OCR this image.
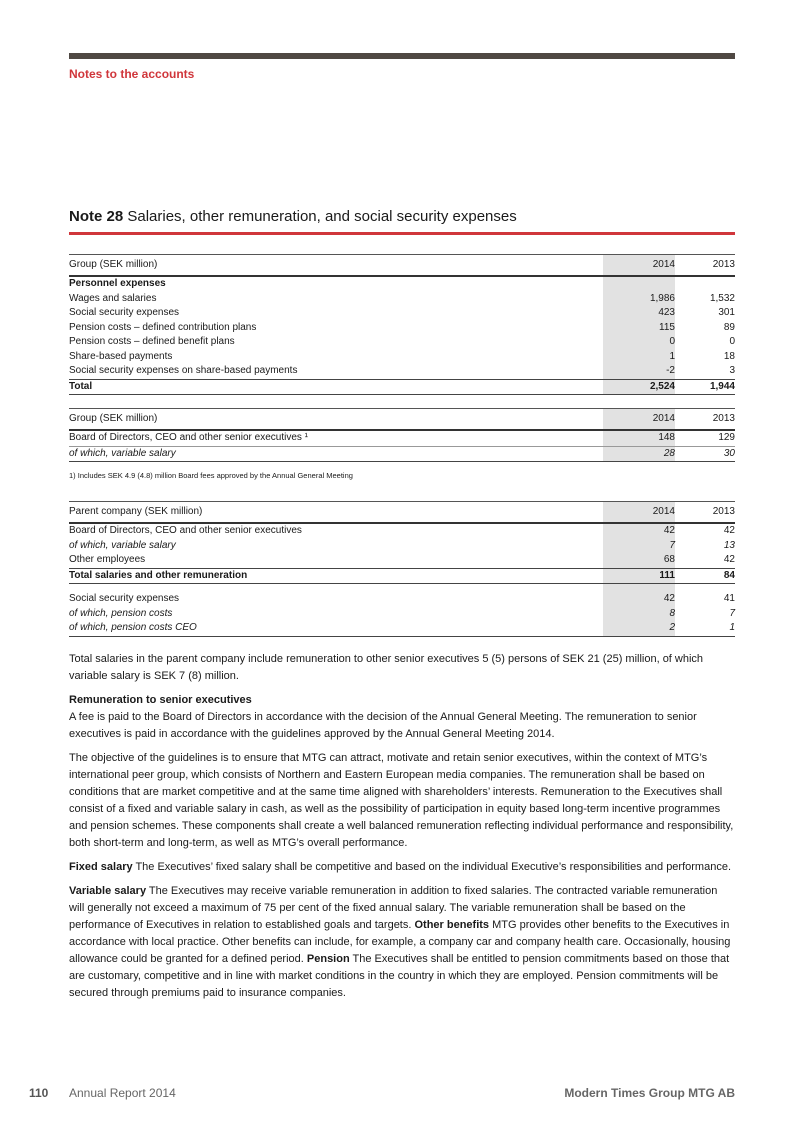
Notes to the accounts
Note 28 Salaries, other remuneration, and social security expenses
Group (SEK million)	2014	2013
Personnel expenses
Wages and salaries	1,986	1,532
Social security expenses	423	301
Pension costs – defined contribution plans	115	89
Pension costs – defined benefit plans	0	0
Share-based payments	1	18
Social security expenses on share-based payments	-2	3
Total	2,524	1,944
Group (SEK million)	2014	2013
Board of Directors, CEO and other senior executives ¹	148	129
of which, variable salary	28	30
1) Includes SEK 4.9 (4.8) million Board fees approved by the Annual General Meeting
Parent company (SEK million)	2014	2013
Board of Directors, CEO and other senior executives	42	42
of which, variable salary	7	13
Other employees	68	42
Total salaries and other remuneration	111	84
Social security expenses	42	41
of which, pension costs	8	7
of which, pension costs CEO	2	1

Total salaries in the parent company include remuneration to other senior executives 5 (5) persons of SEK 21 (25) million, of which variable salary is SEK 7 (8) million.

Remuneration to senior executives
A fee is paid to the Board of Directors in accordance with the decision of the Annual General Meeting. The remuneration to senior executives is paid in accordance with the guidelines approved by the Annual General Meeting 2014.

The objective of the guidelines is to ensure that MTG can attract, motivate and retain senior executives, within the context of MTG’s international peer group, which consists of Northern and Eastern European media companies. The remuneration shall be based on conditions that are market competitive and at the same time aligned with shareholders’ interests. Remuneration to the Executives shall consist of a fixed and variable salary in cash, as well as the possibility of participation in equity based long-term incentive programmes and pension schemes. These components shall create a well balanced remuneration reflecting individual performance and responsibility, both short-term and long-term, as well as MTG’s overall performance.

Fixed salary The Executives’ fixed salary shall be competitive and based on the individual Executive’s responsibilities and performance.

Variable salary The Executives may receive variable remuneration in addition to fixed salaries. The contracted variable remuneration will generally not exceed a maximum of 75 per cent of the fixed annual salary. The variable remuneration shall be based on the performance of Executives in relation to established goals and targets. Other benefits MTG provides other benefits to the Executives in accordance with local practice. Other benefits can include, for example, a company car and company health care. Occasionally, housing allowance could be granted for a defined period. Pension The Executives shall be entitled to pension commitments based on those that are customary, competitive and in line with market conditions in the country in which they are employed. Pension commitments will be secured through premiums paid to insurance companies.

110 Annual Report 2014	Modern Times Group MTG AB
